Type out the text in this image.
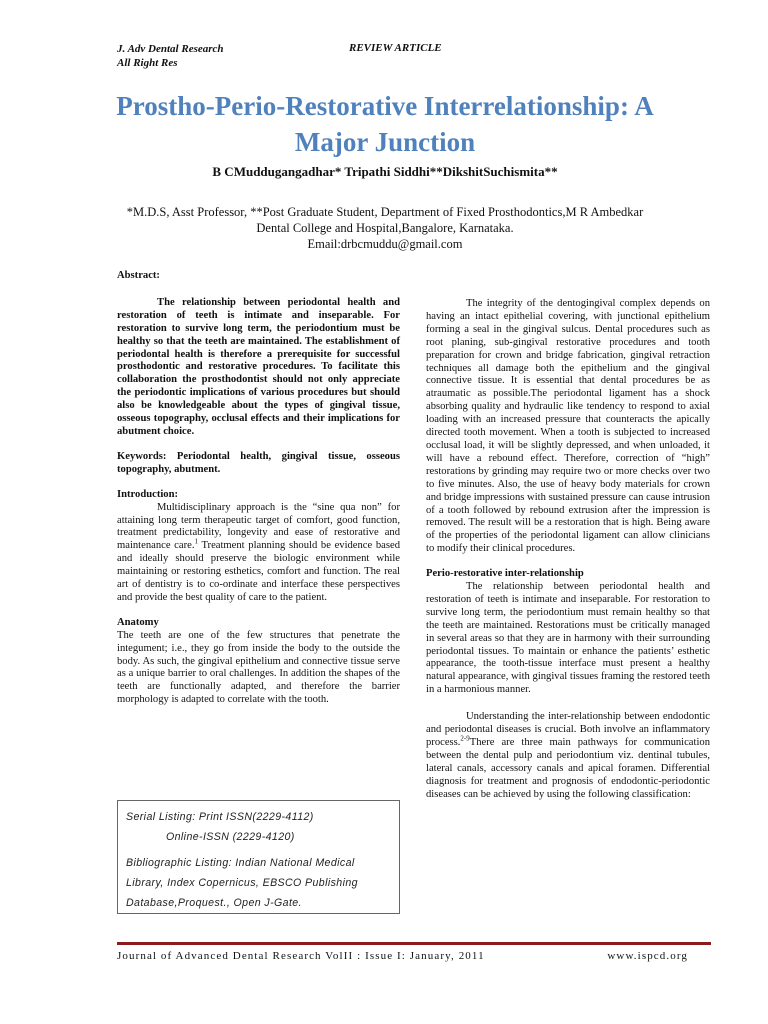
J. Adv Dental Research
All Right Res
REVIEW ARTICLE
Prostho-Perio-Restorative Interrelationship: A Major Junction
B CMuddugangadhar* Tripathi Siddhi**DikshitSuchismita**
*M.D.S, Asst Professor, **Post Graduate Student, Department of Fixed Prosthodontics,M R Ambedkar
Dental College and Hospital,Bangalore, Karnataka.
Email:drbcmuddu@gmail.com

Abstract:

The relationship between periodontal health and restoration of teeth is intimate and inseparable. For restoration to survive long term, the periodontium must be healthy so that the teeth are maintained. The establishment of periodontal health is therefore a prerequisite for successful prosthodontic and restorative procedures. To facilitate this collaboration the prosthodontist should not only appreciate the periodontic implications of various procedures but should also be knowledgeable about the types of gingival tissue, osseous topography, occlusal effects and their implications for abutment choice.

Keywords: Periodontal health, gingival tissue, osseous topography, abutment.

Introduction:

Multidisciplinary approach is the “sine qua non” for attaining long term therapeutic target of comfort, good function, treatment predictability, longevity and ease of restorative and maintenance care.$^1$ Treatment planning should be evidence based and ideally should preserve the biologic environment while maintaining or restoring esthetics, comfort and function. The real art of dentistry is to co-ordinate and interface these perspectives and provide the best quality of care to the patient.

Anatomy

The teeth are one of the few structures that penetrate the integument; i.e., they go from inside the body to the outside the body. As such, the gingival epithelium and connective tissue serve as a unique barrier to oral challenges. In addition the shapes of the teeth are functionally adapted, and therefore the barrier morphology is adapted to correlate with the tooth.

Serial Listing: Print ISSN(2229-4112)
Online-ISSN (2229-4120)
Bibliographic Listing: Indian National Medical
Library, Index Copernicus, EBSCO Publishing
Database,Proquest., Open J-Gate.

The integrity of the dentogingival complex depends on having an intact epithelial covering, with junctional epithelium forming a seal in the gingival sulcus. Dental procedures such as root planing, sub-gingival restorative procedures and tooth preparation for crown and bridge fabrication, gingival retraction techniques all damage both the epithelium and the gingival connective tissue. It is essential that dental procedures be as atraumatic as possible.The periodontal ligament has a shock absorbing quality and hydraulic like tendency to respond to axial loading with an increased pressure that counteracts the apically directed tooth movement. When a tooth is subjected to increased occlusal load, it will be slightly depressed, and when unloaded, it will have a rebound effect. Therefore, correction of “high” restorations by grinding may require two or more checks over two to five minutes. Also, the use of heavy body materials for crown and bridge impressions with sustained pressure can cause intrusion of a tooth followed by rebound extrusion after the impression is removed. The result will be a restoration that is high. Being aware of the properties of the periodontal ligament can allow clinicians to modify their clinical procedures.

Perio-restorative inter-relationship

The relationship between periodontal health and restoration of teeth is intimate and inseparable. For restoration to survive long term, the periodontium must remain healthy so that the teeth are maintained. Restorations must be critically managed in several areas so that they are in harmony with their surrounding periodontal tissues. To maintain or enhance the patients’ esthetic appearance, the tooth-tissue interface must present a healthy natural appearance, with gingival tissues framing the restored teeth in a harmonious manner.

Understanding the inter-relationship between endodontic and periodontal diseases is crucial. Both involve an inflammatory process.$^{2-9}$There are three main pathways for communication between the dental pulp and periodontium viz. dentinal tubules, lateral canals, accessory canals and apical foramen. Differential diagnosis for treatment and prognosis of endodontic-periodontic diseases can be achieved by using the following classification:

Journal of Advanced Dental Research VolII : Issue I: January, 2011	www.ispcd.org
